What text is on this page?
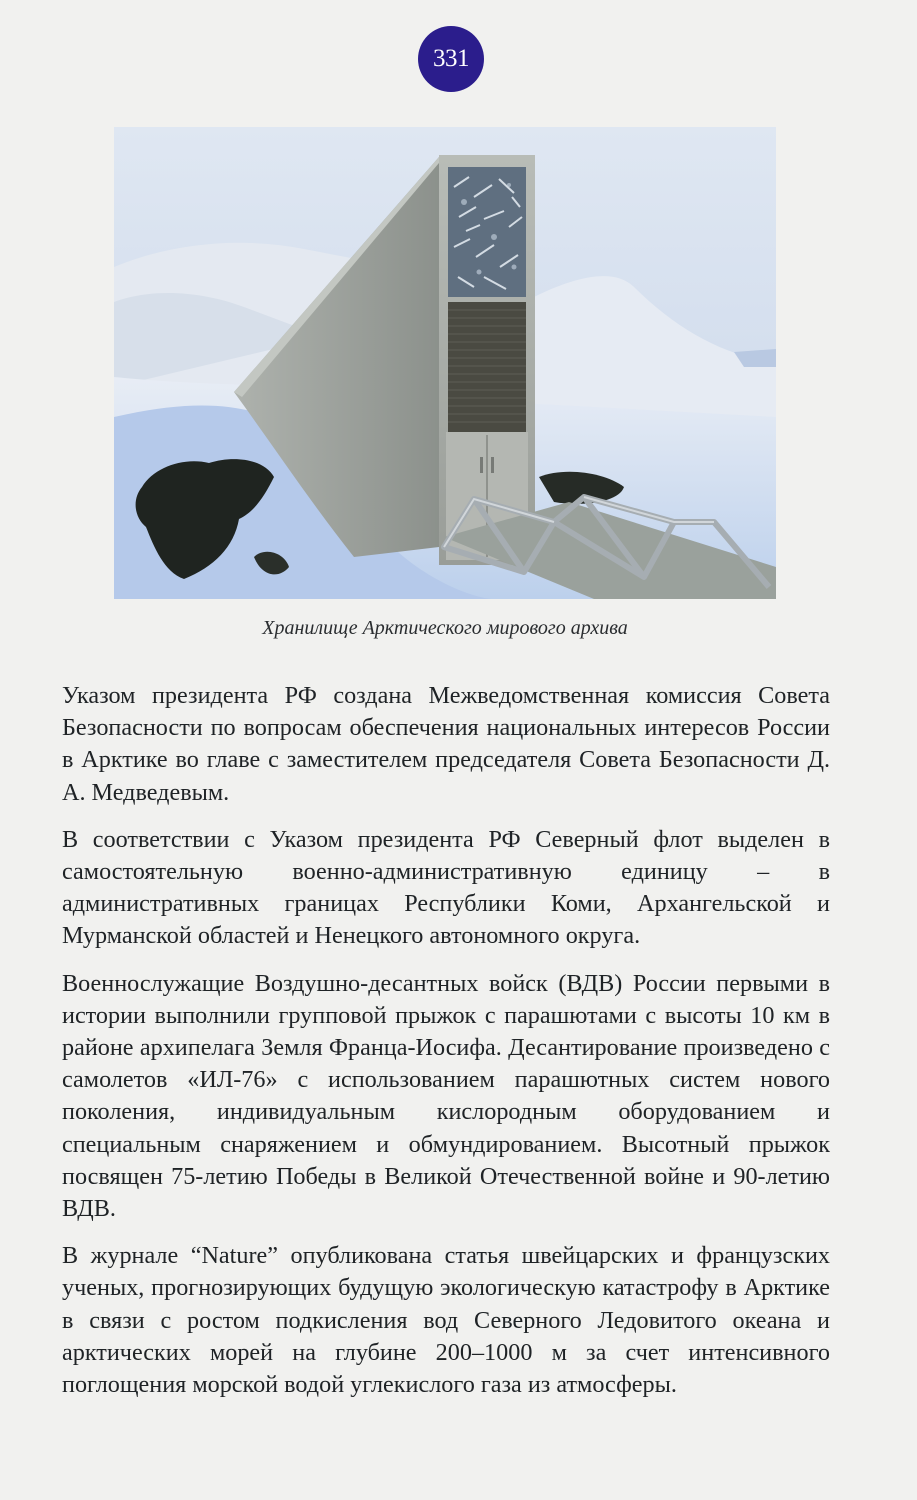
331
Хранилище Арктического мирового архива

Указом президента РФ создана Межведомственная комиссия Совета Безопасности по вопросам обеспечения национальных интересов России в Арктике во главе с заместителем председателя Совета Безопасности Д. А. Медведевым.

В соответствии с Указом президента РФ Северный флот выделен в самостоятельную военно-административную единицу – в административных границах Республики Коми, Архангельской и Мурманской областей и Ненецкого автономного округа.

Военнослужащие Воздушно-десантных войск (ВДВ) России первыми в истории выполнили групповой прыжок с парашютами с высоты 10 км в районе архипелага Земля Франца-Иосифа. Десантирование произведено с самолетов «ИЛ-76» с использованием парашютных систем нового поколения, индивидуальным кислородным оборудованием и специальным снаряжением и обмундированием. Высотный прыжок посвящен 75-летию Победы в Великой Отечественной войне и 90-летию ВДВ.

В журнале “Nature” опубликована статья швейцарских и французских ученых, прогнозирующих будущую экологическую катастрофу в Арктике в связи с ростом подкисления вод Северного Ледовитого океана и арктических морей на глубине 200–1000 м за счет интенсивного поглощения морской водой углекислого газа из атмосферы.
